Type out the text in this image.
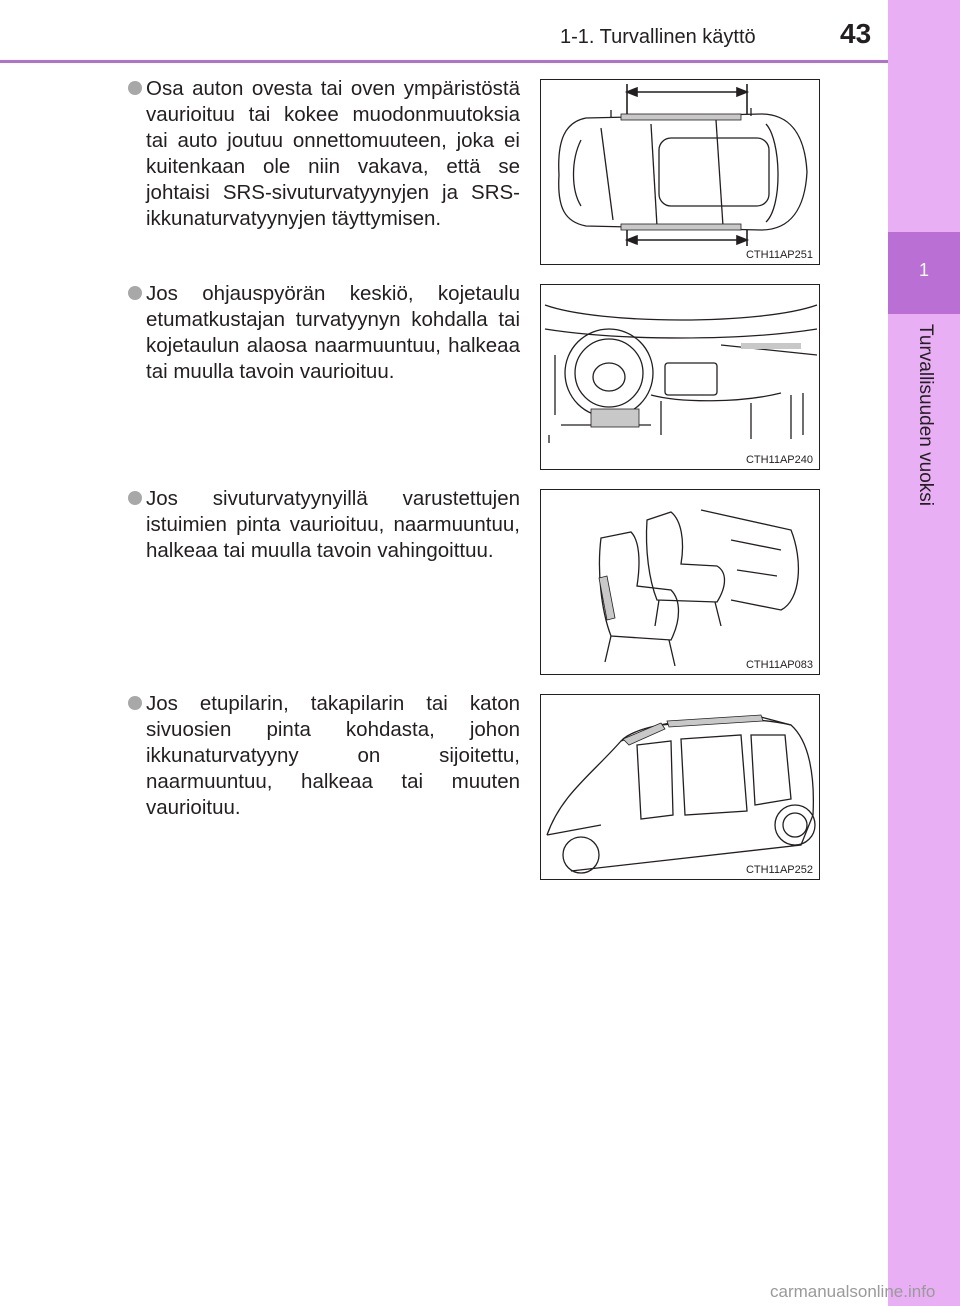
1-1. Turvallinen käyttö	43
1
Turvallisuuden vuoksi
Osa auton ovesta tai oven ympäristöstä vaurioituu tai kokee muodonmuutoksia tai auto joutuu onnettomuuteen, joka ei kuitenkaan ole niin vakava, että se johtaisi SRS-sivuturvatyynyjen ja SRS-ikkunaturvatyynyjen täyttymisen.
CTH11AP251
Jos ohjauspyörän keskiö, kojetaulu etumatkustajan turvatyynyn kohdalla tai kojetaulun alaosa naarmuuntuu, halkeaa tai muulla tavoin vaurioituu.
CTH11AP240
Jos sivuturvatyynyillä varustettujen istuimien pinta vaurioituu, naarmuuntuu, halkeaa tai muulla tavoin vahingoittuu.
CTH11AP083
Jos etupilarin, takapilarin tai katon sivuosien pinta kohdasta, johon ikkunaturvatyyny on sijoitettu, naarmuuntuu, halkeaa tai muuten vaurioituu.
CTH11AP252
carmanualsonline.info
